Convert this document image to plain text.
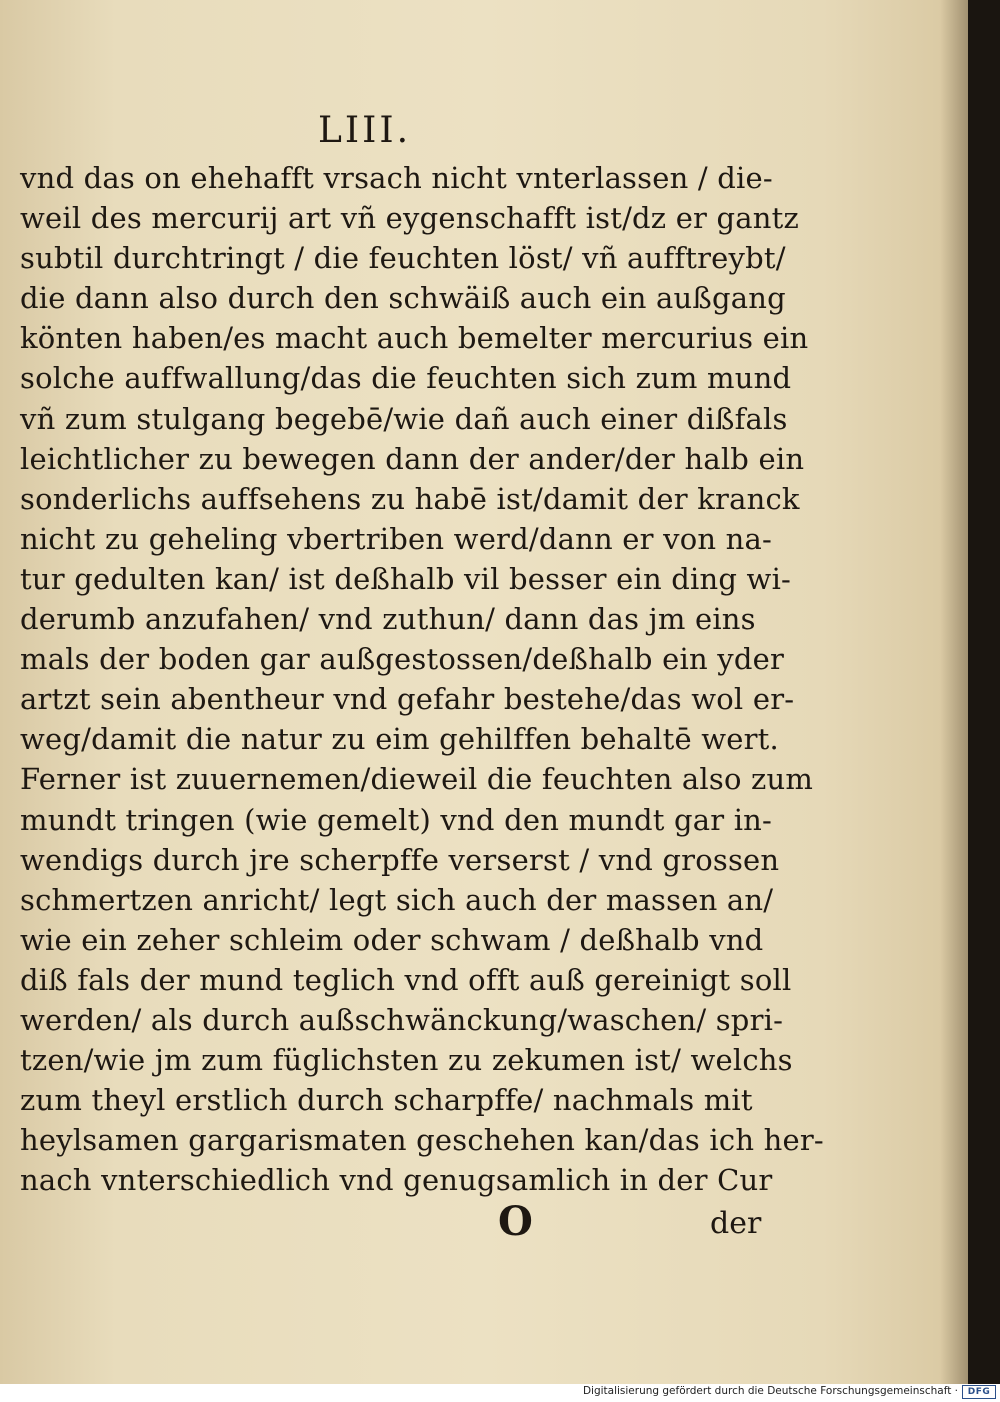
LIII.
vnd das on ehehafft vrsach nicht vnterlassen / die-
weil des mercurij art vñ eygenschafft ist/dz er gantz
subtil durchtringt / die feuchten löst/ vñ aufftreybt/
die dann also durch den schwäiß auch ein außgang
könten haben/es macht auch bemelter mercurius ein
solche auffwallung/das die feuchten sich zum mund
vñ zum stulgang begebē/wie dañ auch einer dißfals
leichtlicher zu bewegen dann der ander/der halb ein
sonderlichs auffsehens zu habē ist/damit der kranck
nicht zu geheling vbertriben werd/dann er von na-
tur gedulten kan/ ist deßhalb vil besser ein ding wi-
derumb anzufahen/ vnd zuthun/ dann das jm eins
mals der boden gar außgestossen/deßhalb ein yder
artzt sein abentheur vnd gefahr bestehe/das wol er-
weg/damit die natur zu eim gehilffen behaltē wert.
Ferner ist zuuernemen/dieweil die feuchten also zum
mundt tringen (wie gemelt) vnd den mundt gar in-
wendigs durch jre scherpffe verserst / vnd grossen
schmertzen anricht/ legt sich auch der massen an/
wie ein zeher schleim oder schwam / deßhalb vnd
diß fals der mund teglich vnd offt auß gereinigt soll
werden/ als durch außschwänckung/waschen/ spri-
tzen/wie jm zum füglichsten zu zekumen ist/ welchs
zum theyl erstlich durch scharpffe/ nachmals mit
heylsamen gargarismaten geschehen kan/das ich her-
nach vnterschiedlich vnd genugsamlich in der Cur
O	der
Digitalisierung gefördert durch die Deutsche Forschungsgemeinschaft ·	DFG
